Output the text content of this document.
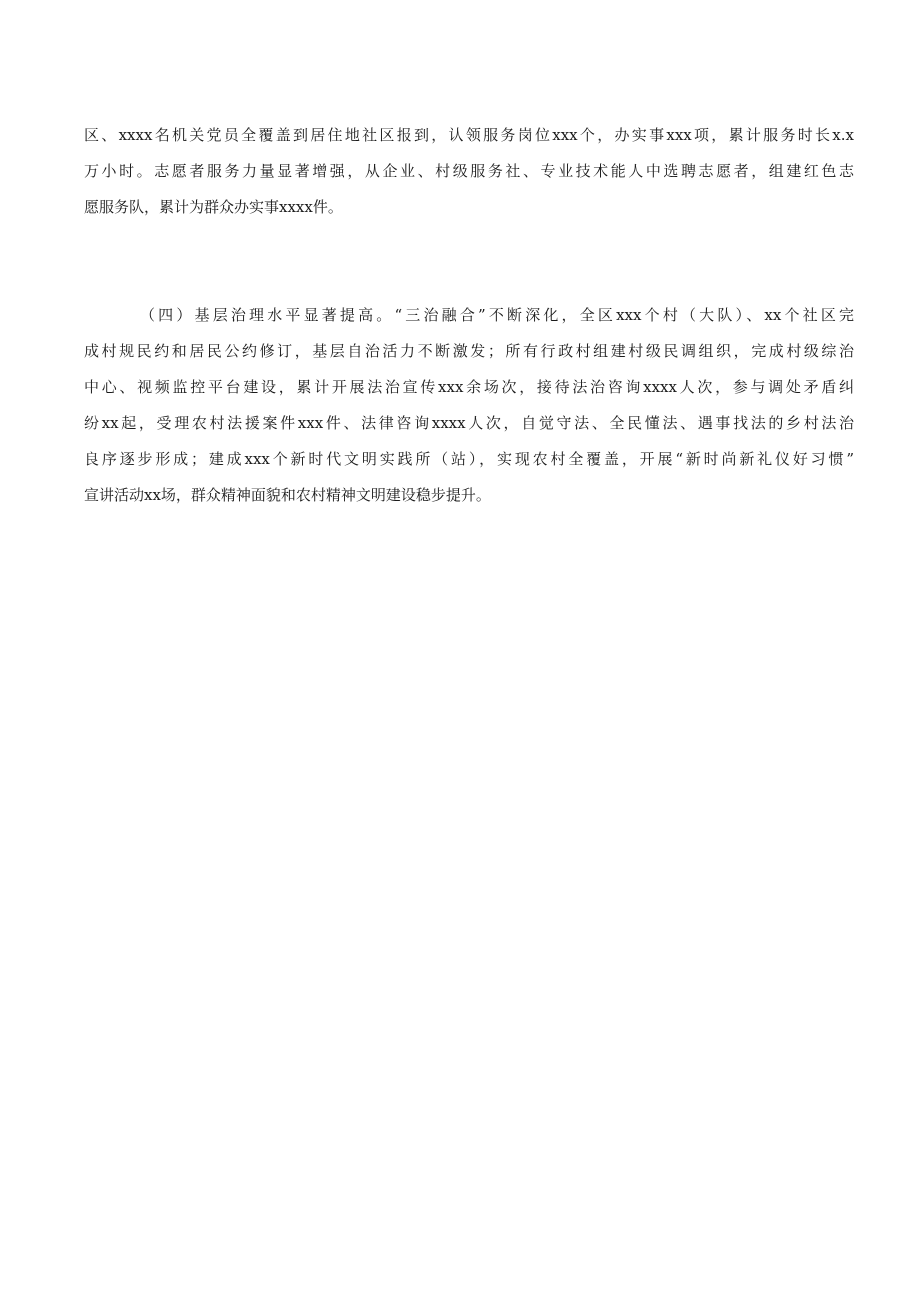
区、xxxx名机关党员全覆盖到居住地社区报到，认领服务岗位xxx个，办实事xxx项，累计服务时长x.x
万小时。志愿者服务力量显著增强，从企业、村级服务社、专业技术能人中选聘志愿者，组建红色志
愿服务队，累计为群众办实事xxxx件。
（四）基层治理水平显著提高。“三治融合”不断深化，全区xxx个村（大队）、xx个社区完
成村规民约和居民公约修订，基层自治活力不断激发；所有行政村组建村级民调组织，完成村级综治
中心、视频监控平台建设，累计开展法治宣传xxx余场次，接待法治咨询xxxx人次，参与调处矛盾纠
纷xx起，受理农村法援案件xxx件、法律咨询xxxx人次，自觉守法、全民懂法、遇事找法的乡村法治
良序逐步形成；建成xxx个新时代文明实践所（站），实现农村全覆盖，开展“新时尚新礼仪好习惯”
宣讲活动xx场，群众精神面貌和农村精神文明建设稳步提升。
